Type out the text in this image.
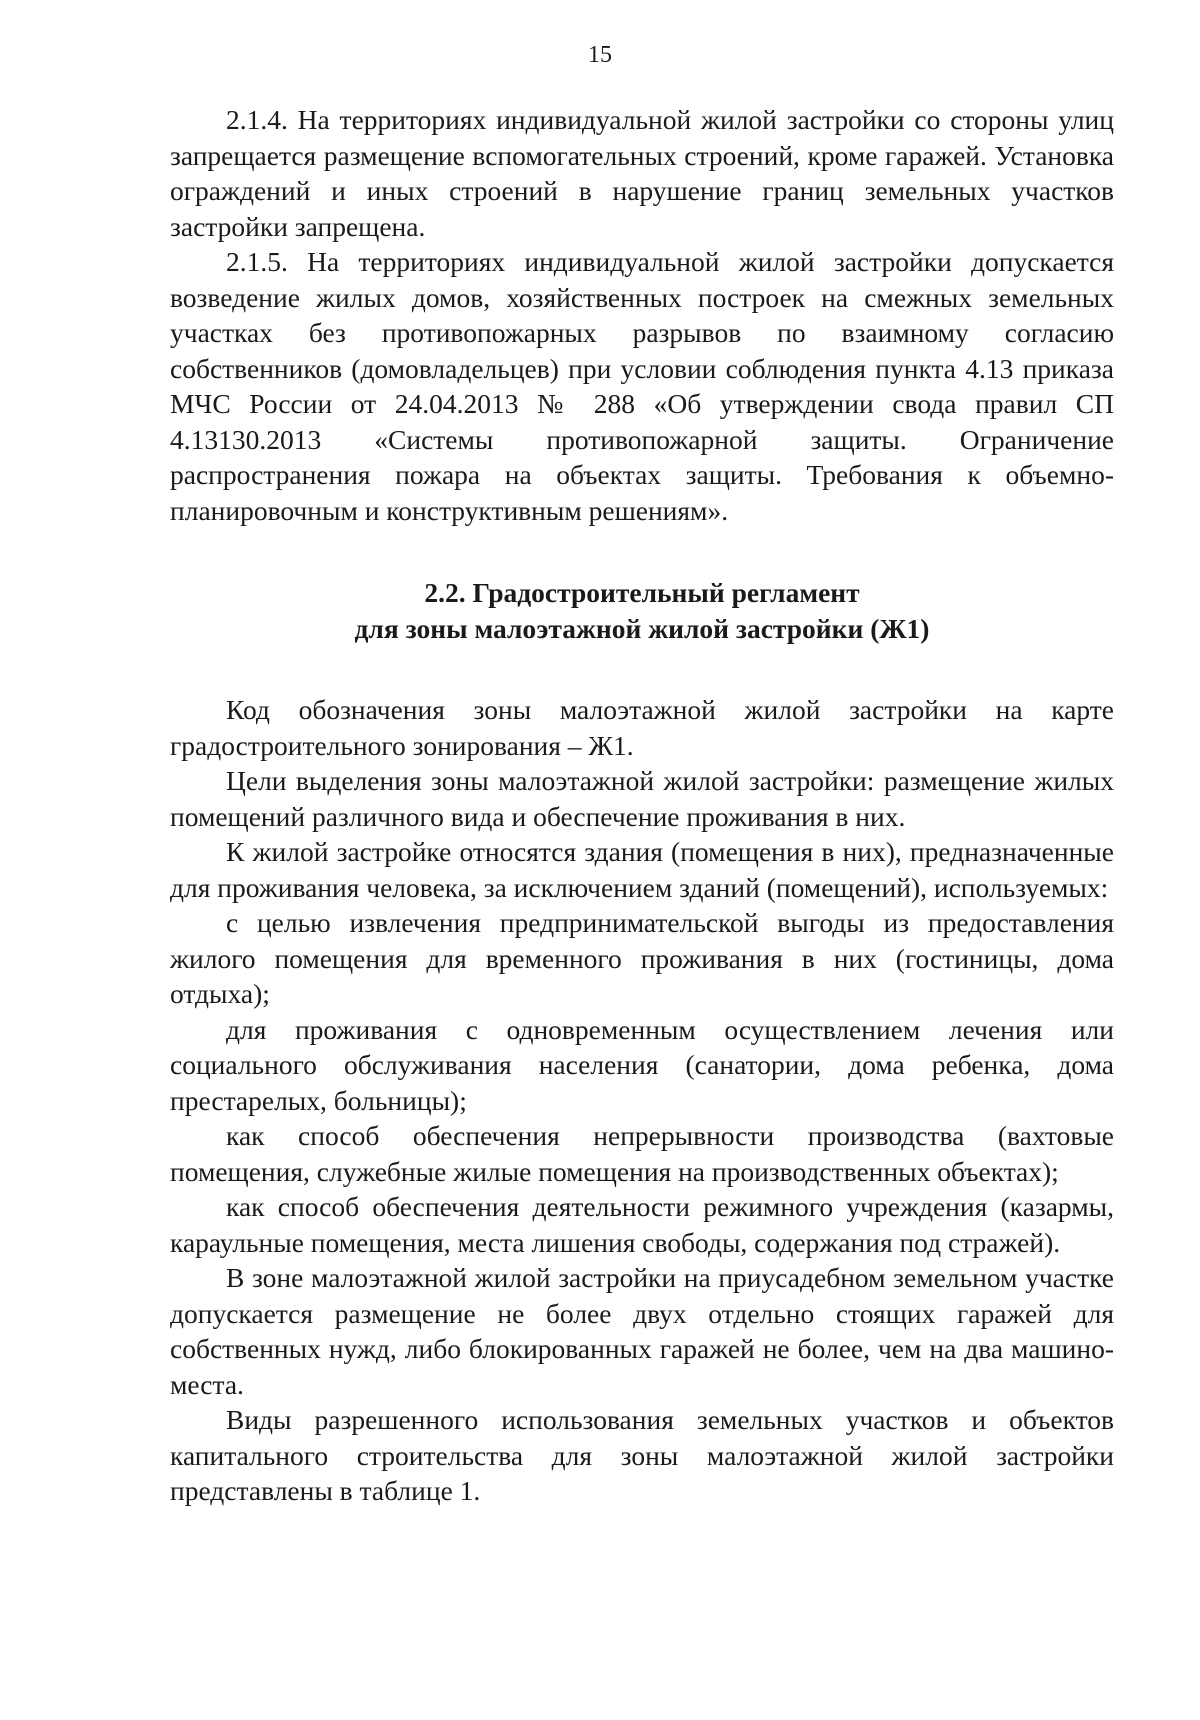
15

2.1.4. На территориях индивидуальной жилой застройки со стороны улиц запрещается размещение вспомогательных строений, кроме гаражей. Установка ограждений и иных строений в нарушение границ земельных участков застройки запрещена.

2.1.5. На территориях индивидуальной жилой застройки допускается возведение жилых домов, хозяйственных построек на смежных земельных участках без противопожарных разрывов по взаимному согласию собственников (домовладельцев) при условии соблюдения пункта 4.13 приказа МЧС России от 24.04.2013 № 288 «Об утверждении свода правил СП 4.13130.2013 «Системы противопожарной защиты. Ограничение распространения пожара на объектах защиты. Требования к объемно-планировочным и конструктивным решениям».

2.2. Градостроительный регламент
для зоны малоэтажной жилой застройки (Ж1)

Код обозначения зоны малоэтажной жилой застройки на карте градостроительного зонирования – Ж1.

Цели выделения зоны малоэтажной жилой застройки: размещение жилых помещений различного вида и обеспечение проживания в них.

К жилой застройке относятся здания (помещения в них), предназначенные для проживания человека, за исключением зданий (помещений), используемых:

с целью извлечения предпринимательской выгоды из предоставления жилого помещения для временного проживания в них (гостиницы, дома отдыха);

для проживания с одновременным осуществлением лечения или социального обслуживания населения (санатории, дома ребенка, дома престарелых, больницы);

как способ обеспечения непрерывности производства (вахтовые помещения, служебные жилые помещения на производственных объектах);

как способ обеспечения деятельности режимного учреждения (казармы, караульные помещения, места лишения свободы, содержания под стражей).

В зоне малоэтажной жилой застройки на приусадебном земельном участке допускается размещение не более двух отдельно стоящих гаражей для собственных нужд, либо блокированных гаражей не более, чем на два машино-места.

Виды разрешенного использования земельных участков и объектов капитального строительства для зоны малоэтажной жилой застройки представлены в таблице 1.
